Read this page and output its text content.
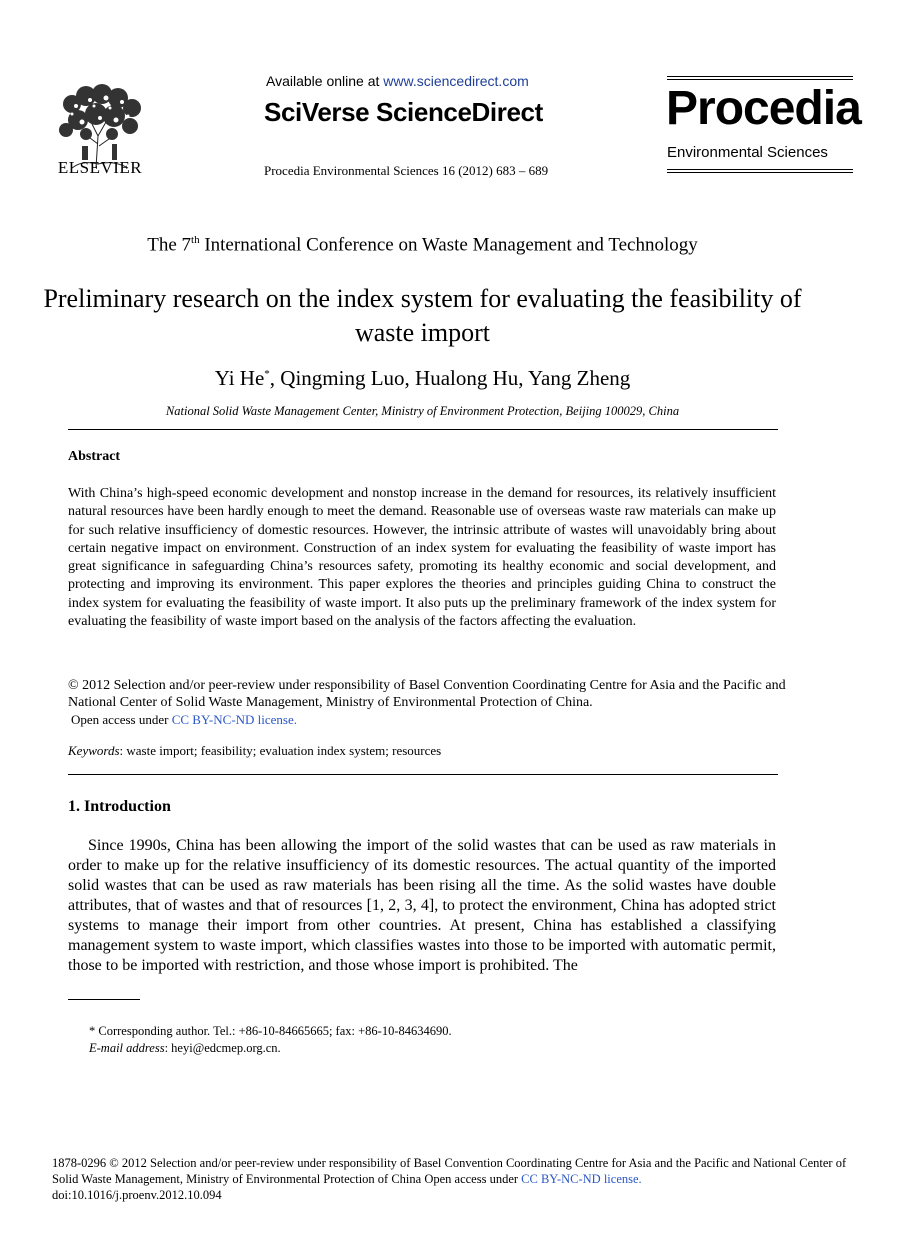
ELSEVIER
Available online at www.sciencedirect.com
SciVerse ScienceDirect
Procedia Environmental Sciences 16 (2012) 683 – 689
Procedia
Environmental Sciences
The 7th International Conference on Waste Management and Technology
Preliminary research on the index system for evaluating the feasibility of waste import
Yi He*, Qingming Luo, Hualong Hu, Yang Zheng
National Solid Waste Management Center, Ministry of Environment Protection, Beijing 100029, China
Abstract
With China’s high-speed economic development and nonstop increase in the demand for resources, its relatively insufficient natural resources have been hardly enough to meet the demand. Reasonable use of overseas waste raw materials can make up for such relative insufficiency of domestic resources. However, the intrinsic attribute of wastes will unavoidably bring about certain negative impact on environment. Construction of an index system for evaluating the feasibility of waste import has great significance in safeguarding China’s resources safety, promoting its healthy economic and social development, and protecting and improving its environment. This paper explores the theories and principles guiding China to construct the index system for evaluating the feasibility of waste import. It also puts up the preliminary framework of the index system for evaluating the feasibility of waste import based on the analysis of the factors affecting the evaluation.
© 2012 Selection and/or peer-review under responsibility of Basel Convention Coordinating Centre for Asia and the Pacific and National Center of Solid Waste Management, Ministry of Environmental Protection of China.
Open access under CC BY-NC-ND license.
Keywords: waste import; feasibility; evaluation index system; resources
1. Introduction
Since 1990s, China has been allowing the import of the solid wastes that can be used as raw materials in order to make up for the relative insufficiency of its domestic resources. The actual quantity of the imported solid wastes that can be used as raw materials has been rising all the time. As the solid wastes have double attributes, that of wastes and that of resources [1, 2, 3, 4], to protect the environment, China has adopted strict systems to manage their import from other countries. At present, China has established a classifying management system to waste import, which classifies wastes into those to be imported with automatic permit, those to be imported with restriction, and those whose import is prohibited. The
* Corresponding author. Tel.: +86-10-84665665; fax: +86-10-84634690.
E-mail address: heyi@edcmep.org.cn.
1878-0296 © 2012 Selection and/or peer-review under responsibility of Basel Convention Coordinating Centre for Asia and the Pacific and National Center of Solid Waste Management, Ministry of Environmental Protection of China Open access under CC BY-NC-ND license.
doi:10.1016/j.proenv.2012.10.094
